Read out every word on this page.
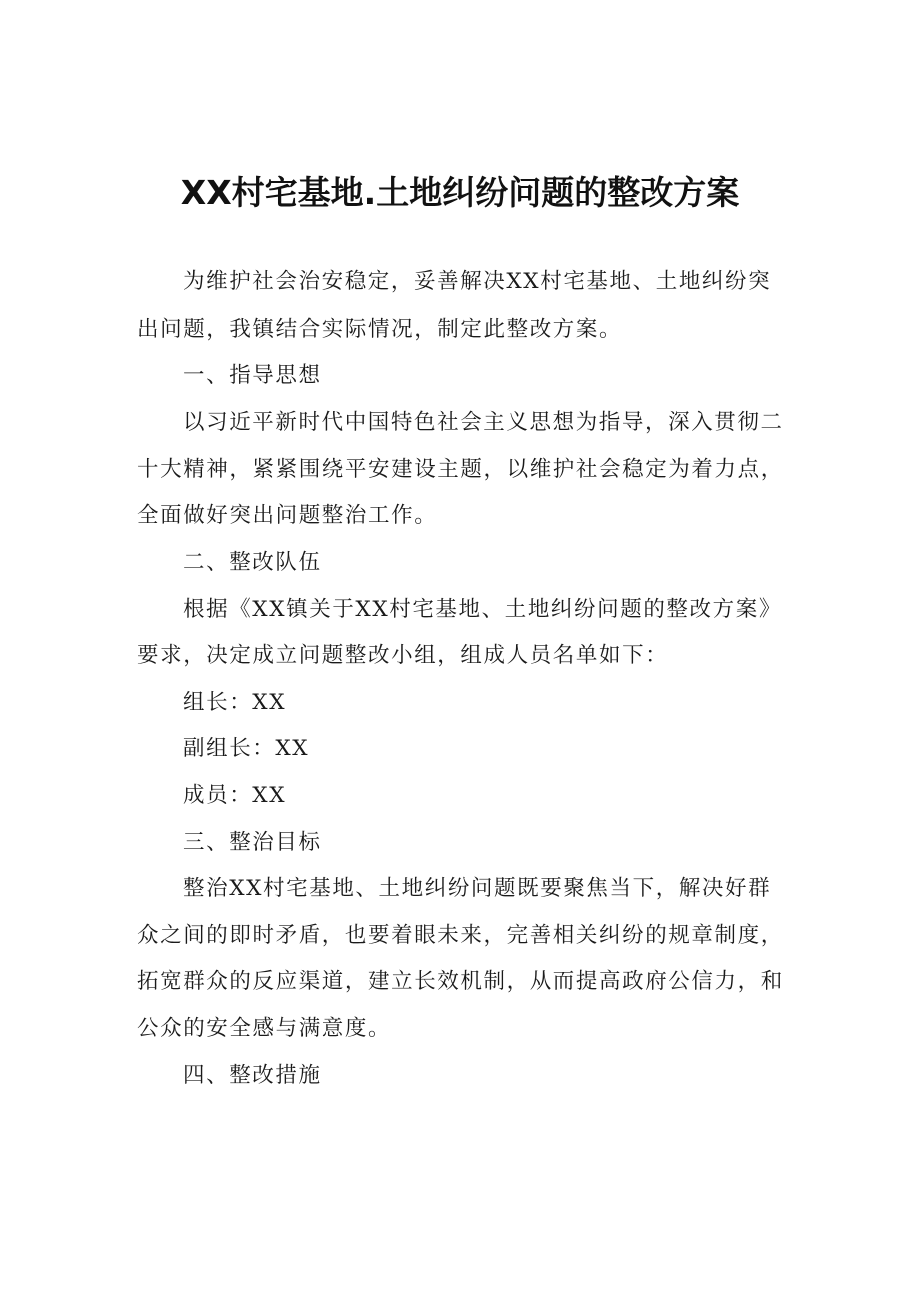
XX村宅基地.土地纠纷问题的整改方案
为维护社会治安稳定，妥善解决XX村宅基地、土地纠纷突
出问题，我镇结合实际情况，制定此整改方案。
一、指导思想
以习近平新时代中国特色社会主义思想为指导，深入贯彻二
十大精神，紧紧围绕平安建设主题，以维护社会稳定为着力点，
全面做好突出问题整治工作。
二、整改队伍
根据《XX镇关于XX村宅基地、土地纠纷问题的整改方案》
要求，决定成立问题整改小组，组成人员名单如下：
组长：XX
副组长：XX
成员：XX
三、整治目标
整治XX村宅基地、土地纠纷问题既要聚焦当下，解决好群
众之间的即时矛盾，也要着眼未来，完善相关纠纷的规章制度，
拓宽群众的反应渠道，建立长效机制，从而提高政府公信力，和
公众的安全感与满意度。
四、整改措施
